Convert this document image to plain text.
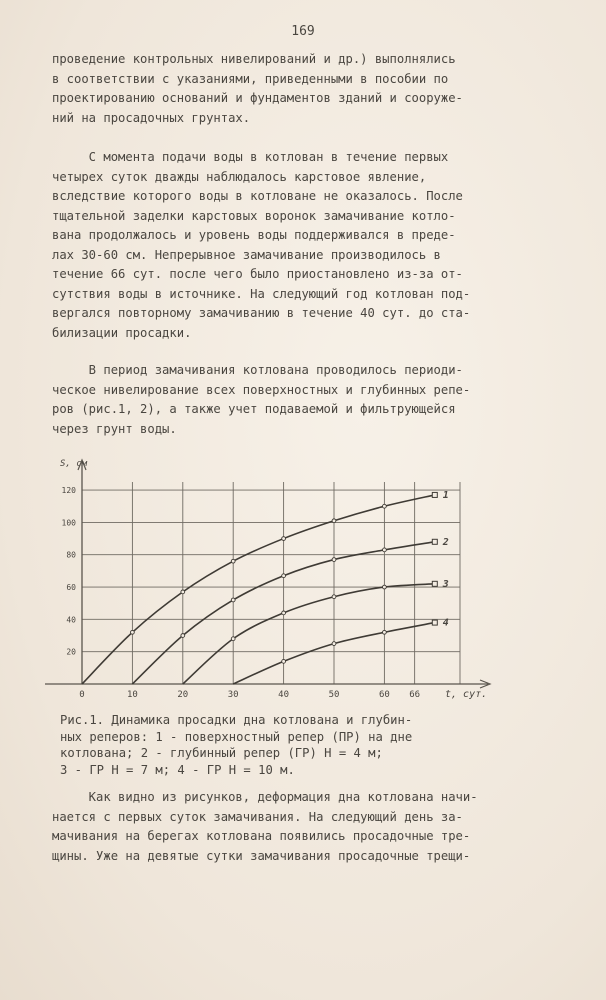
169
проведение контрольных нивелирований и др.) выполнялись
в соответствии с указаниями, приведенными в пособии по
проектированию оснований и фундаментов зданий и сооруже-
ний на просадочных грунтах.
С момента подачи воды в котлован в течение первых
четырех суток дважды наблюдалось карстовое явление,
вследствие которого воды в котловане не оказалось. После
тщательной заделки карстовых воронок замачивание котло-
вана продолжалось и уровень воды поддерживался в преде-
лах 30-60 см. Непрерывное замачивание производилось в
течение 66 сут. после чего было приостановлено из-за от-
сутствия воды в источнике. На следующий год котлован под-
вергался повторному замачиванию в течение 40 сут. до ста-
билизации просадки.
В период замачивания котлована проводилось периоди-
ческое нивелирование всех поверхностных и глубинных репе-
ров (рис.1, 2), а также учет подаваемой и фильтрующейся
через грунт воды.
20
40
60
80
100
120
0	10	20	30	40	50	60 66
S, см
t, сут.
1
2
3
4
Рис.1. Динамика просадки дна котлована и глубин-
ных реперов: 1 - поверхностный репер (ПР) на дне
котлована; 2 - глубинный репер (ГР) Н = 4 м;
3 - ГР Н = 7 м; 4 - ГР Н = 10 м.
Как видно из рисунков, деформация дна котлована начи-
нается с первых суток замачивания. На следующий день за-
мачивания на берегах котлована появились просадочные тре-
щины. Уже на девятые сутки замачивания просадочные трещи-
